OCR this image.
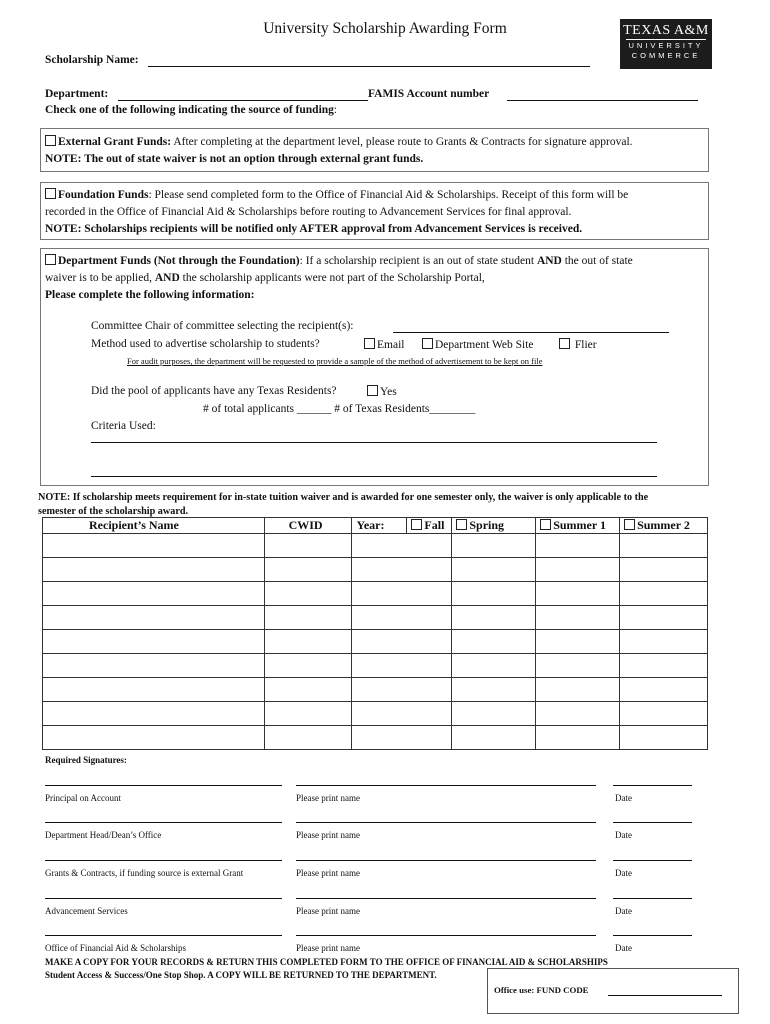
University Scholarship Awarding Form	TEXAS A&M
UNIVERSITY
COMMERCE
Scholarship Name:
Department:	FAMIS Account number
Check one of the following indicating the source of funding:
External Grant Funds: After completing at the department level, please route to Grants & Contracts for signature approval.
NOTE: The out of state waiver is not an option through external grant funds.
Foundation Funds: Please send completed form to the Office of Financial Aid & Scholarships. Receipt of this form will be
recorded in the Office of Financial Aid & Scholarships before routing to Advancement Services for final approval.
NOTE: Scholarships recipients will be notified only AFTER approval from Advancement Services is received.
Department Funds (Not through the Foundation): If a scholarship recipient is an out of state student AND the out of state
waiver is to be applied, AND the scholarship applicants were not part of the Scholarship Portal,
Please complete the following information:
Committee Chair of committee selecting the recipient(s):
Method used to advertise scholarship to students?	Email	Department Web Site	Flier
For audit purposes, the department will be requested to provide a sample of the method of advertisement to be kept on file
Did the pool of applicants have any Texas Residents?	Yes
# of total applicants ______ # of Texas Residents________
Criteria Used:
NOTE: If scholarship meets requirement for in-state tuition waiver and is awarded for one semester only, the waiver is only applicable to the
semester of the scholarship award.
Recipient’s Name	CWID	Year:	Fall	Spring	Summer 1	Summer 2

Required Signatures:
Principal on Account	Please print name	Date
Department Head/Dean’s Office	Please print name	Date
Grants & Contracts, if funding source is external Grant	Please print name	Date
Advancement Services	Please print name	Date
Office of Financial Aid & Scholarships	Please print name	Date
MAKE A COPY FOR YOUR RECORDS & RETURN THIS COMPLETED FORM TO THE OFFICE OF FINANCIAL AID & SCHOLARSHIPS
Student Access & Success/One Stop Shop. A COPY WILL BE RETURNED TO THE DEPARTMENT.
Office use: FUND CODE
